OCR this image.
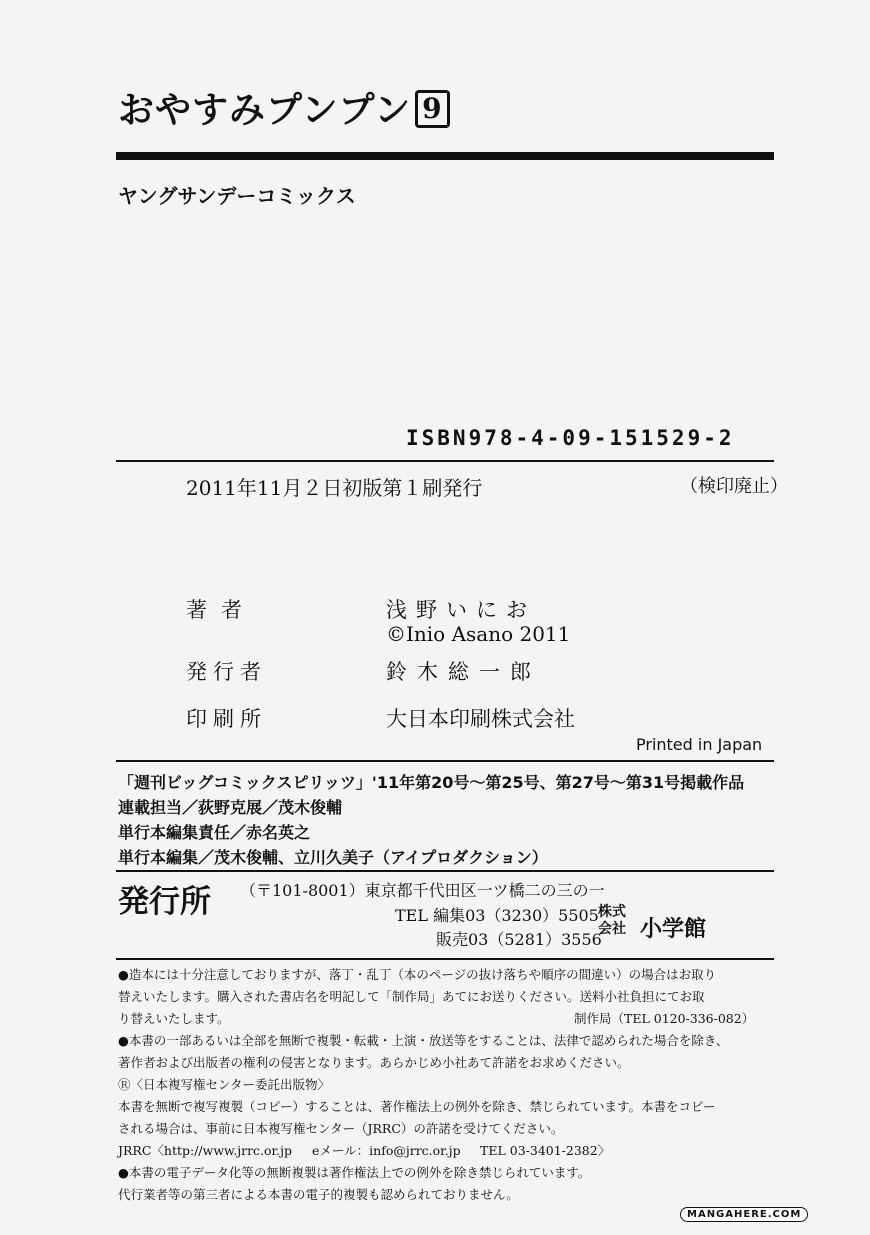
おやすみプンプン 9
ヤングサンデーコミックス
ISBN978-4-09-151529-2
2011年11月２日初版第１刷発行	（検印廃止）
著者	浅野いにお
©Inio Asano 2011
発行者	鈴木総一郎
印刷所	大日本印刷株式会社
Printed in Japan
「週刊ビッグコミックスピリッツ」'11年第20号〜第25号、第27号〜第31号掲載作品
連載担当／荻野克展／茂木俊輔
単行本編集責任／赤名英之
単行本編集／茂木俊輔、立川久美子（アイプロダクション）
発行所 （〒101-8001）東京都千代田区一ツ橋二の三の一
TEL 編集03（3230）5505
販売03（5281）3556
株式会社 小学館
●造本には十分注意しておりますが、落丁・乱丁（本のページの抜け落ちや順序の間違い）の場合はお取り
替えいたします。購入された書店名を明記して「制作局」あてにお送りください。送料小社負担にてお取
り替えいたします。	制作局（TEL 0120-336-082）
●本書の一部あるいは全部を無断で複製・転載・上演・放送等をすることは、法律で認められた場合を除き、
著作者および出版者の権利の侵害となります。あらかじめ小社あて許諾をお求めください。
Ⓡ〈日本複写権センター委託出版物〉
本書を無断で複写複製（コピー）することは、著作権法上の例外を除き、禁じられています。本書をコピー
される場合は、事前に日本複写権センター（JRRC）の許諾を受けてください。
JRRC〈http://www.jrrc.or.jp eメール：info@jrrc.or.jp TEL 03-3401-2382〉
●本書の電子データ化等の無断複製は著作権法上での例外を除き禁じられています。
代行業者等の第三者による本書の電子的複製も認められておりません。
MANGAHERE.COM
